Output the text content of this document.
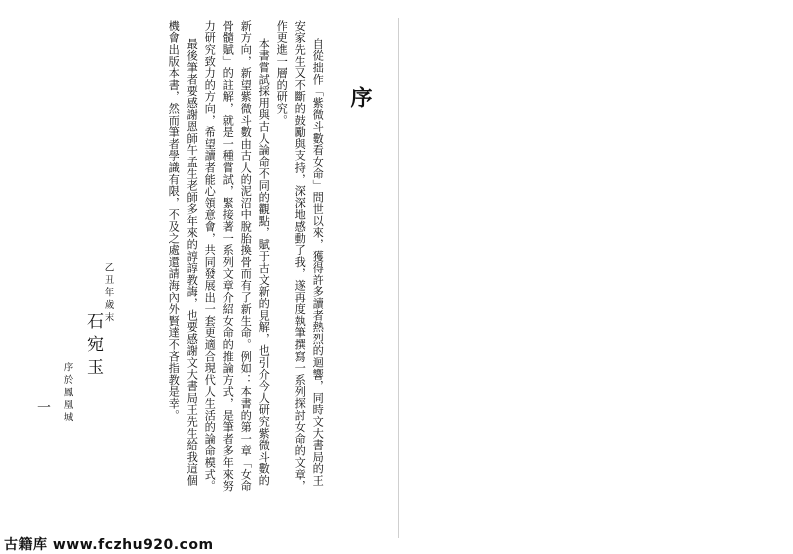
自從拙作「紫微斗數看女命」問世以來，獲得許多讀者熱烈的迴響，同時文大書局的王
安家先生又不斷的鼓勵與支持，深深地感動了我，遂再度執筆撰寫一系列探討女命的文章，
作更進一層的研究。
本書嘗試採用與古人論命不同的觀點，賦于古文新的見解，也引介今人研究紫微斗數的
新方向，新望紫微斗數由古人的泥沼中脫胎換骨而有了新生命。例如：本書的第一章「女命
骨髓賦」的註解，就是一種嘗試，緊接著一系列文章介紹女命的推論方式，是筆者多年來努
力研究致力的方向，希望讀者能心領意會，共同發展出一套更適合現代人生活的論命模式。
最後筆者要感謝恩師午孟生老師多年來的諄諄教誨，也要感謝文大書局王先生給我這個
機會出版本書，然而筆者學識有限，不及之處還請海內外賢達不吝指教是幸。
乙丑年歲末
石宛玉
序於鳳凰城
一
序
古籍库 www.fczhu920.com
